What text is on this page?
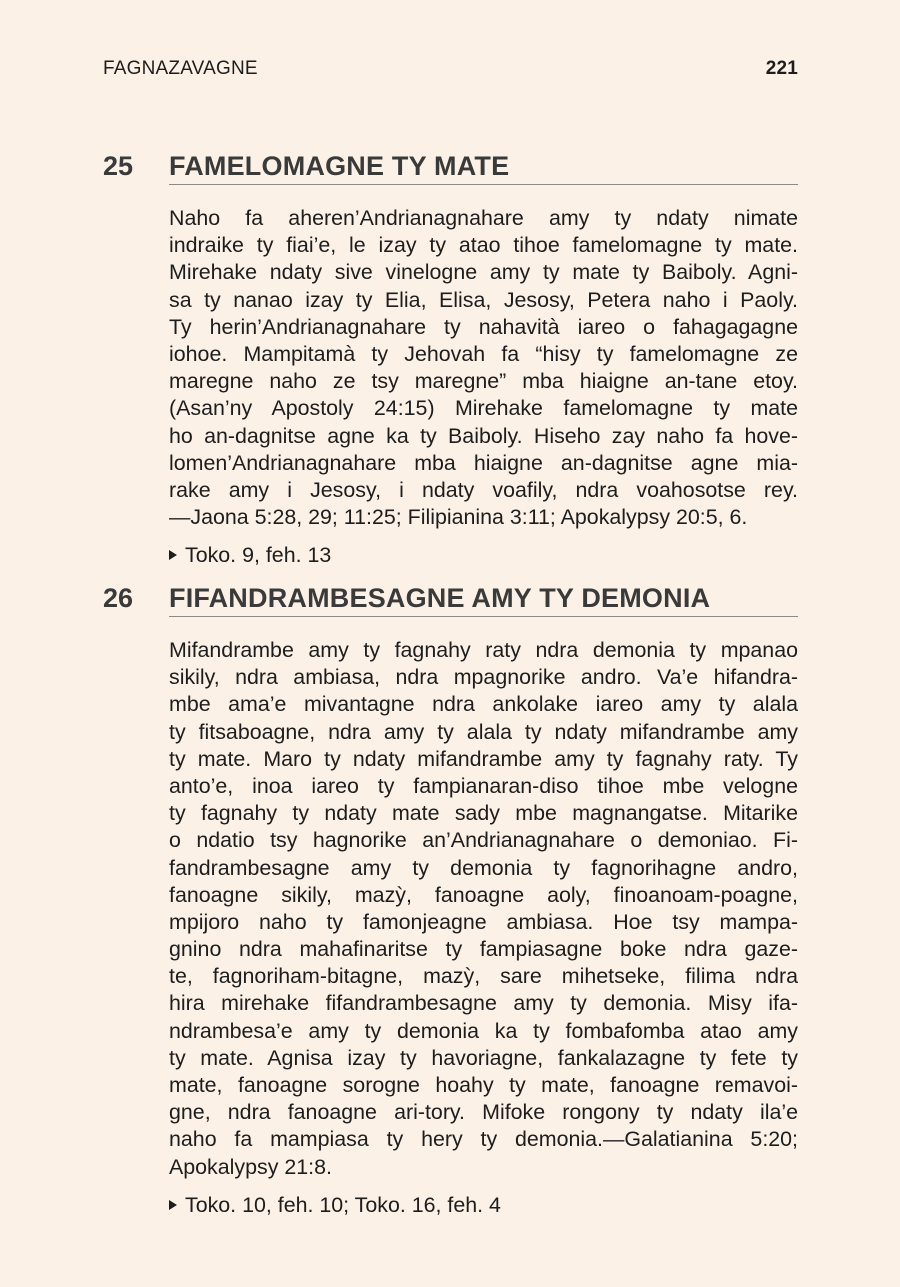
FAGNAZAVAGNE	221
25	FAMELOMAGNE TY MATE
Naho fa aheren’Andrianagnahare amy ty ndaty nimate
indraike ty fiai’e, le izay ty atao tihoe famelomagne ty mate.
Mirehake ndaty sive vinelogne amy ty mate ty Baiboly. Agni-
sa ty nanao izay ty Elia, Elisa, Jesosy, Petera naho i Paoly.
Ty herin’Andrianagnahare ty nahavità iareo o fahagagagne
iohoe. Mampitamà ty Jehovah fa “hisy ty famelomagne ze
maregne naho ze tsy maregne” mba hiaigne an-tane etoy.
(Asan’ny Apostoly 24:15) Mirehake famelomagne ty mate
ho an-dagnitse agne ka ty Baiboly. Hiseho zay naho fa hove-
lomen’Andrianagnahare mba hiaigne an-dagnitse agne mia-
rake amy i Jesosy, i ndaty voafily, ndra voahosotse rey.
—Jaona 5:28, 29; 11:25; Filipianina 3:11; Apokalypsy 20:5, 6.
Toko. 9, feh. 13
26	FIFANDRAMBESAGNE AMY TY DEMONIA
Mifandrambe amy ty fagnahy raty ndra demonia ty mpanao
sikily, ndra ambiasa, ndra mpagnorike andro. Va’e hifandra-
mbe ama’e mivantagne ndra ankolake iareo amy ty alala
ty fitsaboagne, ndra amy ty alala ty ndaty mifandrambe amy
ty mate. Maro ty ndaty mifandrambe amy ty fagnahy raty. Ty
anto’e, inoa iareo ty fampianaran-diso tihoe mbe velogne
ty fagnahy ty ndaty mate sady mbe magnangatse. Mitarike
o ndatio tsy hagnorike an’Andrianagnahare o demoniao. Fi-
fandrambesagne amy ty demonia ty fagnorihagne andro,
fanoagne sikily, mazỳ, fanoagne aoly, finoanoam-poagne,
mpijoro naho ty famonjeagne ambiasa. Hoe tsy mampa-
gnino ndra mahafinaritse ty fampiasagne boke ndra gaze-
te, fagnoriham-bitagne, mazỳ, sare mihetseke, filima ndra
hira mirehake fifandrambesagne amy ty demonia. Misy ifa-
ndrambesa’e amy ty demonia ka ty fombafomba atao amy
ty mate. Agnisa izay ty havoriagne, fankalazagne ty fete ty
mate, fanoagne sorogne hoahy ty mate, fanoagne remavoi-
gne, ndra fanoagne ari-tory. Mifoke rongony ty ndaty ila’e
naho fa mampiasa ty hery ty demonia.—Galatianina 5:20;
Apokalypsy 21:8.
Toko. 10, feh. 10; Toko. 16, feh. 4
